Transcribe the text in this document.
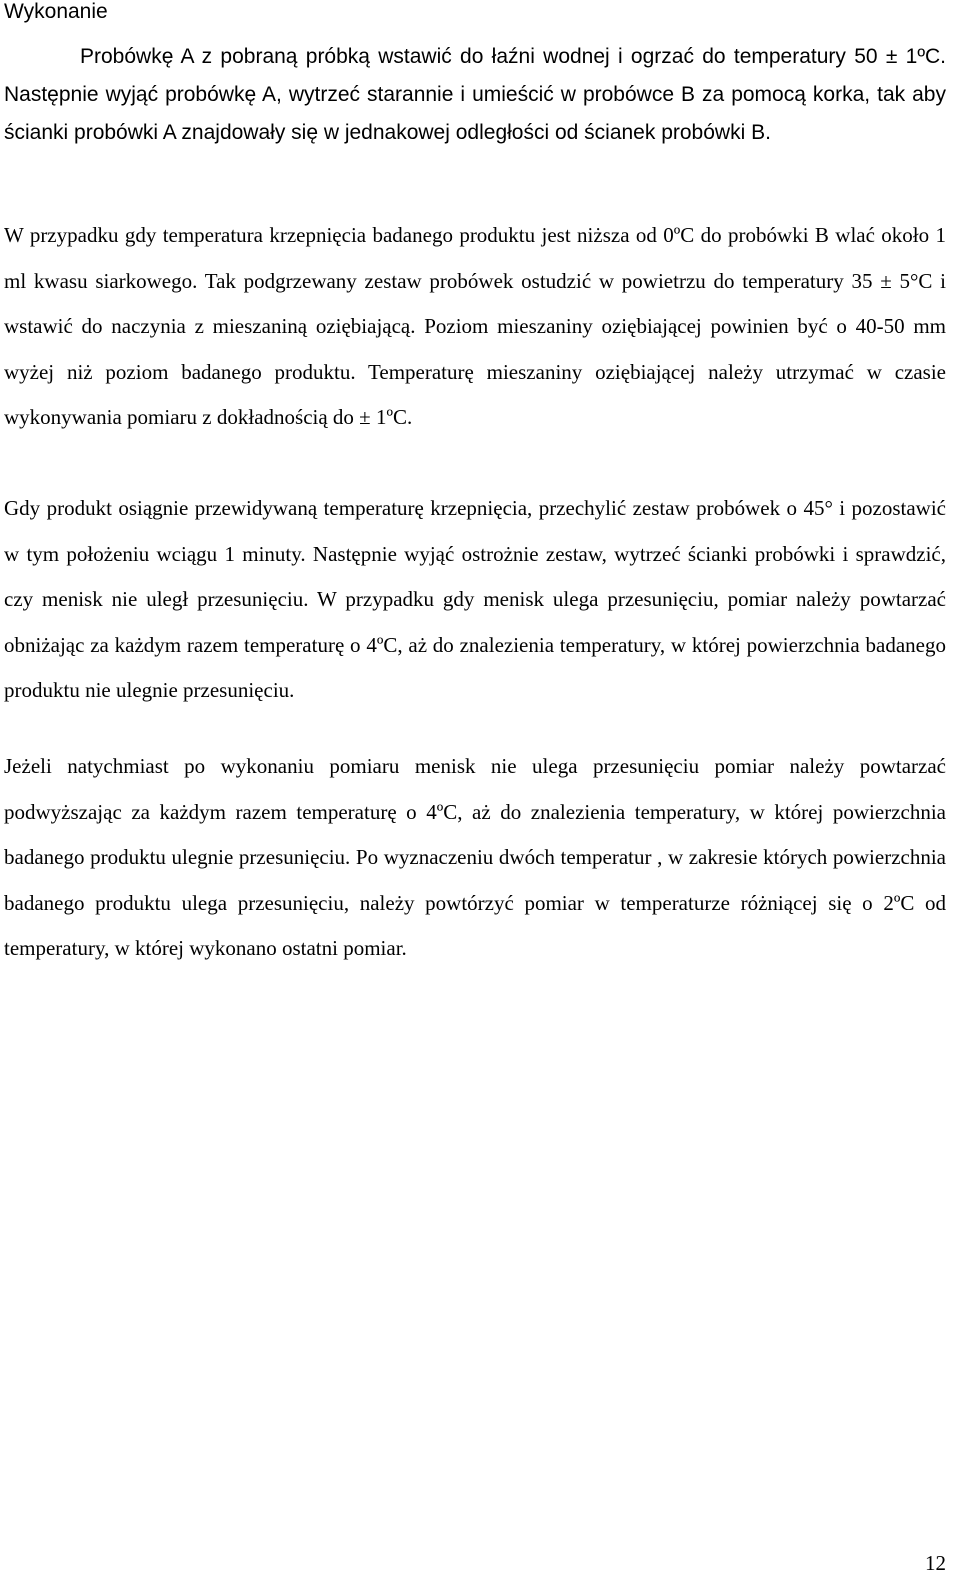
Wykonanie

Probówkę A z pobraną próbką wstawić do łaźni wodnej i ogrzać do temperatury 50 ± 1ºC. Następnie wyjąć probówkę A, wytrzeć starannie i umieścić w probówce B za pomocą korka, tak aby ścianki probówki A znajdowały się w jednakowej odległości od ścianek probówki B.

W przypadku gdy temperatura krzepnięcia badanego produktu jest niższa od 0ºC do probówki B wlać około 1 ml kwasu siarkowego. Tak podgrzewany zestaw probówek ostudzić w powietrzu do temperatury 35 ± 5°C i wstawić do naczynia z mieszaniną oziębiającą. Poziom mieszaniny oziębiającej powinien być o 40-50 mm wyżej niż poziom badanego produktu. Temperaturę mieszaniny oziębiającej należy utrzymać w czasie wykonywania pomiaru z dokładnością do ± 1ºC.

Gdy produkt osiągnie przewidywaną temperaturę krzepnięcia, przechylić zestaw probówek o 45° i pozostawić w tym położeniu wciągu 1 minuty. Następnie wyjąć ostrożnie zestaw, wytrzeć ścianki probówki i sprawdzić, czy menisk nie uległ przesunięciu. W przypadku gdy menisk ulega przesunięciu, pomiar należy powtarzać obniżając za każdym razem temperaturę o 4ºC, aż do znalezienia temperatury, w której powierzchnia badanego produktu nie ulegnie przesunięciu.

Jeżeli natychmiast po wykonaniu pomiaru menisk nie ulega przesunięciu pomiar należy powtarzać podwyższając za każdym razem temperaturę o 4ºC, aż do znalezienia temperatury, w której powierzchnia badanego produktu ulegnie przesunięciu. Po wyznaczeniu dwóch temperatur , w zakresie których powierzchnia badanego produktu ulega przesunięciu, należy powtórzyć pomiar w temperaturze różniącej się o 2ºC od temperatury, w której wykonano ostatni pomiar.

12
